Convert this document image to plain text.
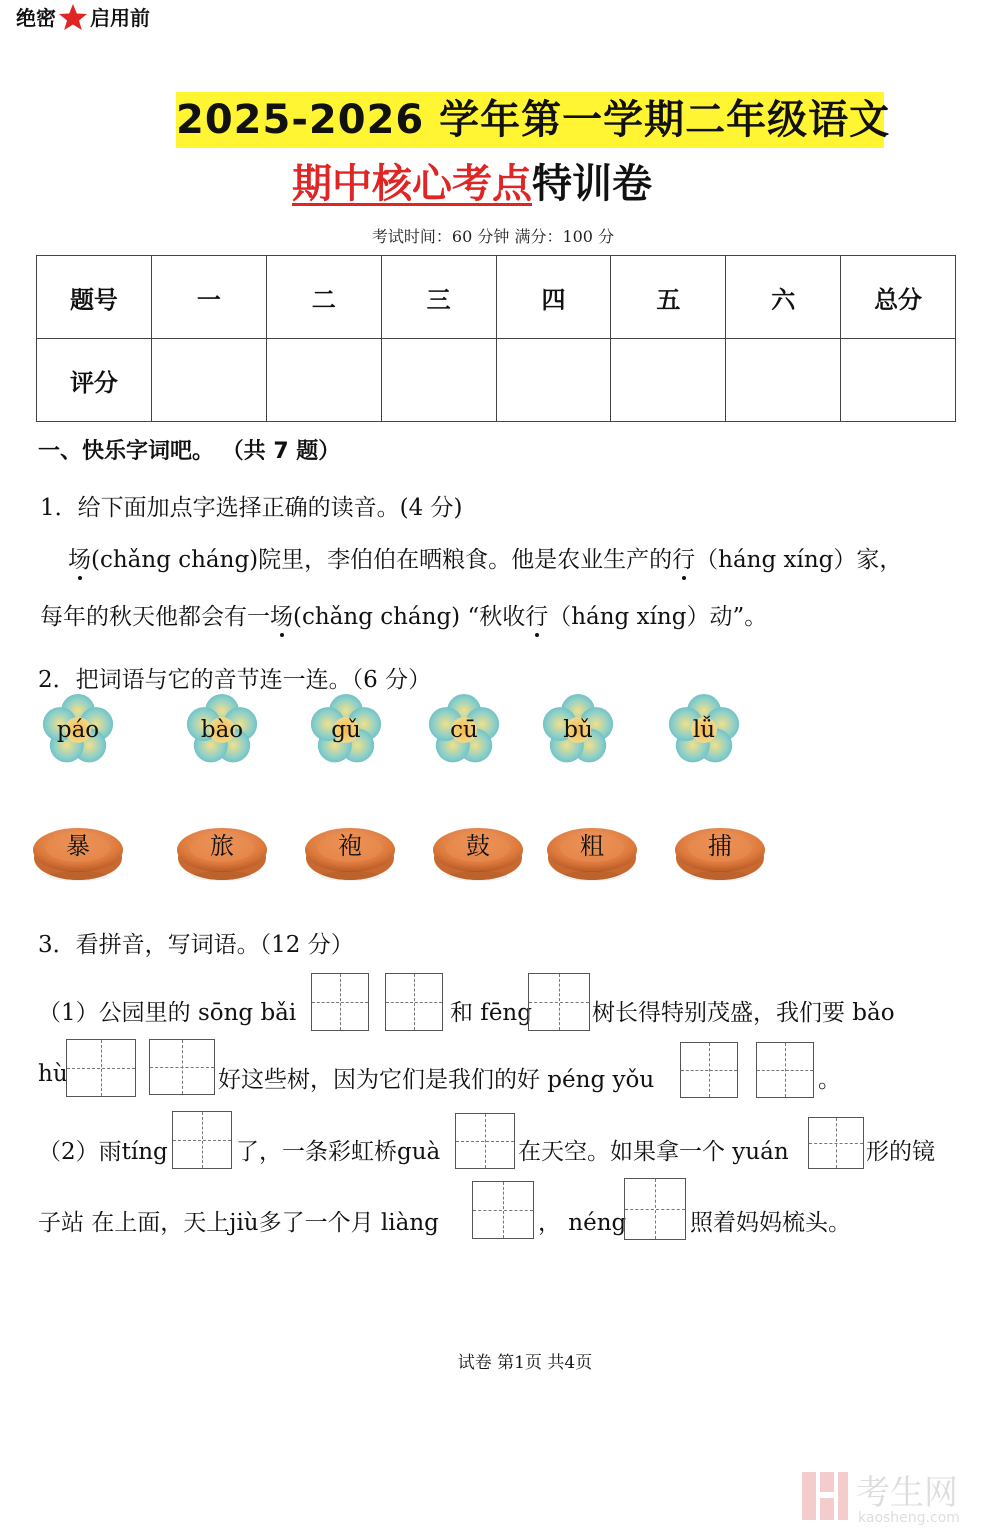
绝密 启用前
2025-2026 学年第一学期二年级语文
期中核心考点特训卷
考试时间：60 分钟 满分：100 分
题号	一	二	三	四	五	六	总分
评分							
一、快乐字词吧。 （共 7 题）
1．给下面加点字选择正确的读音。(4 分)
场(chǎng cháng)院里，李伯伯在晒粮食。他是农业生产的行（háng xíng）家，
每年的秋天他都会有一场(chǎng cháng) “秋收行（háng xíng）动”。
2．把词语与它的音节连一连。（6 分）
páo	bào	gǔ	cū	bǔ	lǚ
暴	旅	袍	鼓	粗	捕
3．看拼音，写词语。（12 分）
（1）公园里的 sōng bǎi	和 fēng	树长得特别茂盛，我们要 bǎo
hù	好这些树，因为它们是我们的好 péng yǒu	。
（2）雨tíng	了，一条彩虹桥guà	在天空。如果拿一个 yuán	形的镜
子站 在上面，天上jiù多了一个月 liàng	， néng	照着妈妈梳头。
试卷 第1页 共4页
考生网
kaosheng.com
